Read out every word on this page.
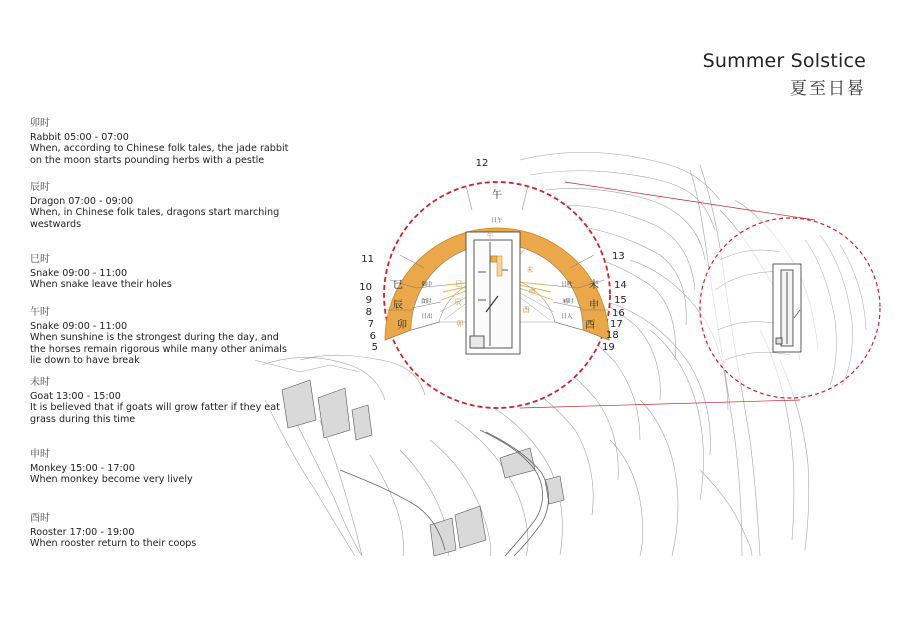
Summer Solstice
夏至日晷
卯时
Rabbit 05:00 - 07:00
When, according to Chinese folk tales, the jade rabbit on the moon starts pounding herbs with a pestle
辰时
Dragon 07:00 - 09:00
When, in Chinese folk tales, dragons start marching westwards
巳时
Snake 09:00 - 11:00
When snake leave their holes
午时
Snake 09:00 - 11:00
When sunshine is the strongest during the day, and the horses remain rigorous while many other animals lie down to have break
未时
Goat 13:00 - 15:00
It is believed that if goats will grow fatter if they eat grass during this time
申时
Monkey 15:00 - 17:00
When monkey become very lively
酉时
Rooster 17:00 - 19:00
When rooster return to their coops
午
巳
辰
卯
未
申
酉
日午
隅中
食时
日出
日昳
晡时
日入
午
巳
辰
卯
未
申
酉
12
5
6
7
8
9
10
11	13
14
15
16
17
18
19
